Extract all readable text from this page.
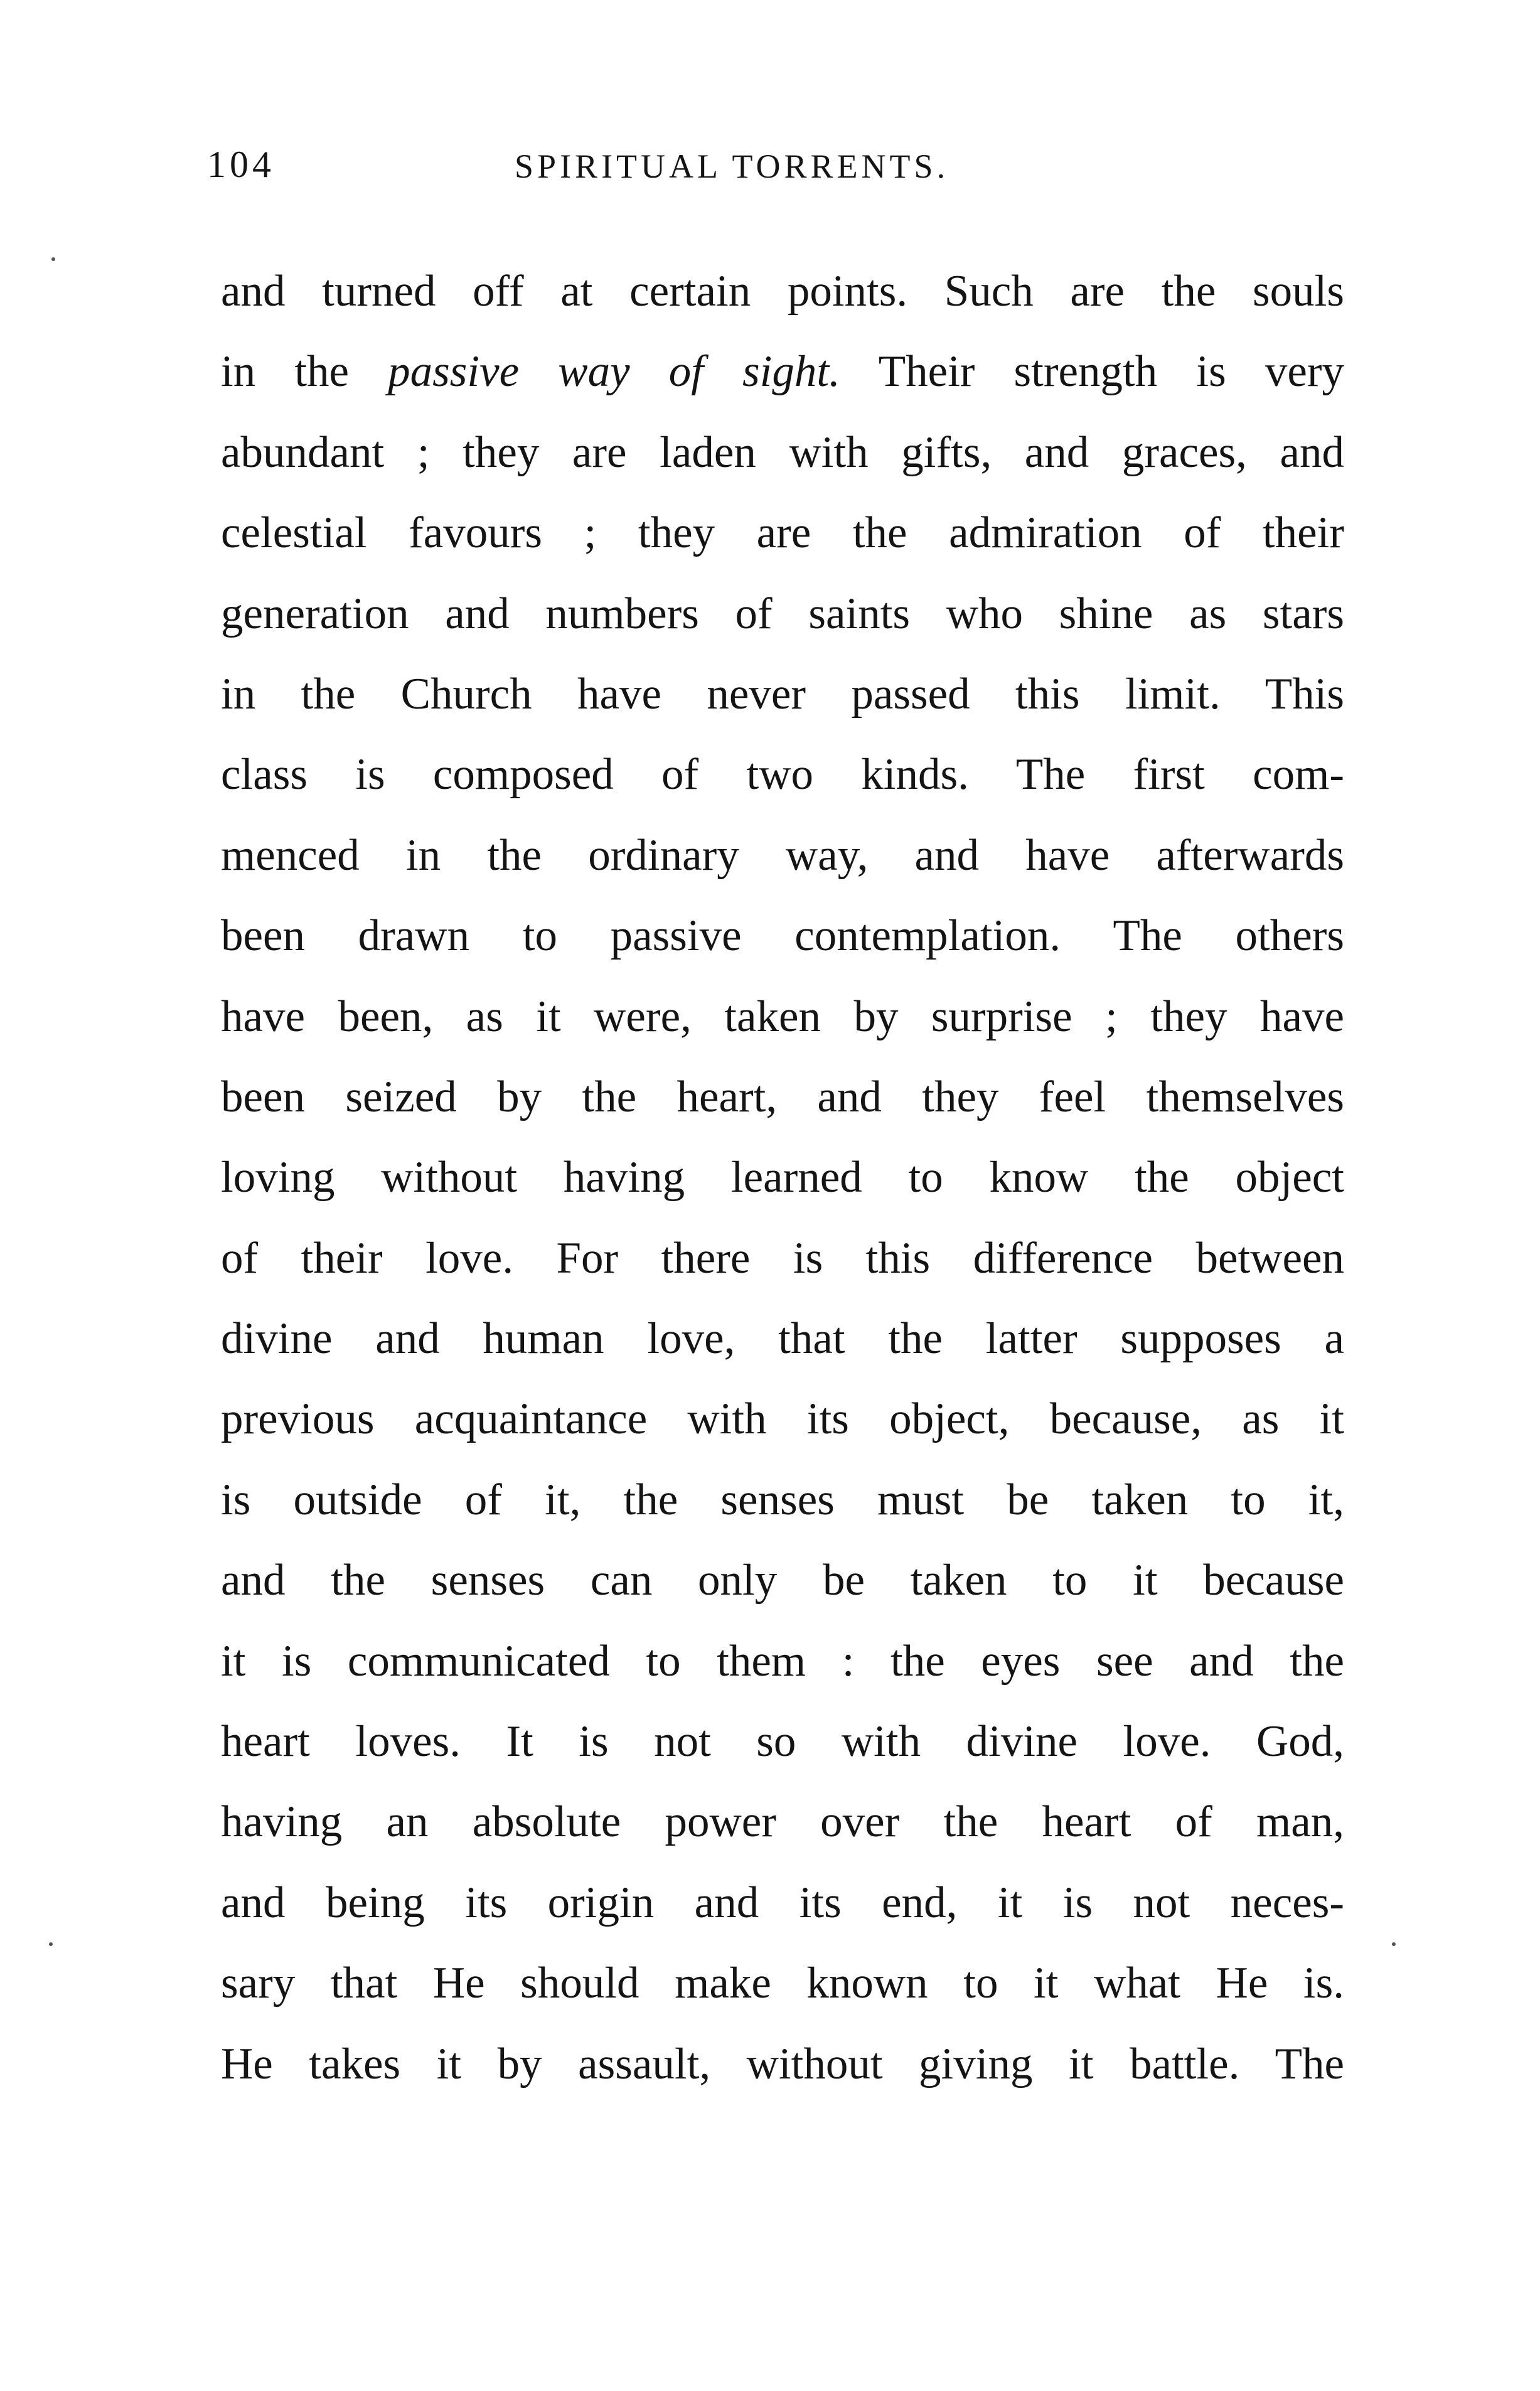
104	SPIRITUAL TORRENTS.
and turned off at certain points. Such are the souls
in the passive way of sight. Their strength is very
abundant ; they are laden with gifts, and graces, and
celestial favours ; they are the admiration of their
generation and numbers of saints who shine as stars
in the Church have never passed this limit. This
class is composed of two kinds. The first com-
menced in the ordinary way, and have afterwards
been drawn to passive contemplation. The others
have been, as it were, taken by surprise ; they have
been seized by the heart, and they feel themselves
loving without having learned to know the object
of their love. For there is this difference between
divine and human love, that the latter supposes a
previous acquaintance with its object, because, as it
is outside of it, the senses must be taken to it,
and the senses can only be taken to it because
it is communicated to them : the eyes see and the
heart loves. It is not so with divine love. God,
having an absolute power over the heart of man,
and being its origin and its end, it is not neces-
sary that He should make known to it what He is.
He takes it by assault, without giving it battle. The
